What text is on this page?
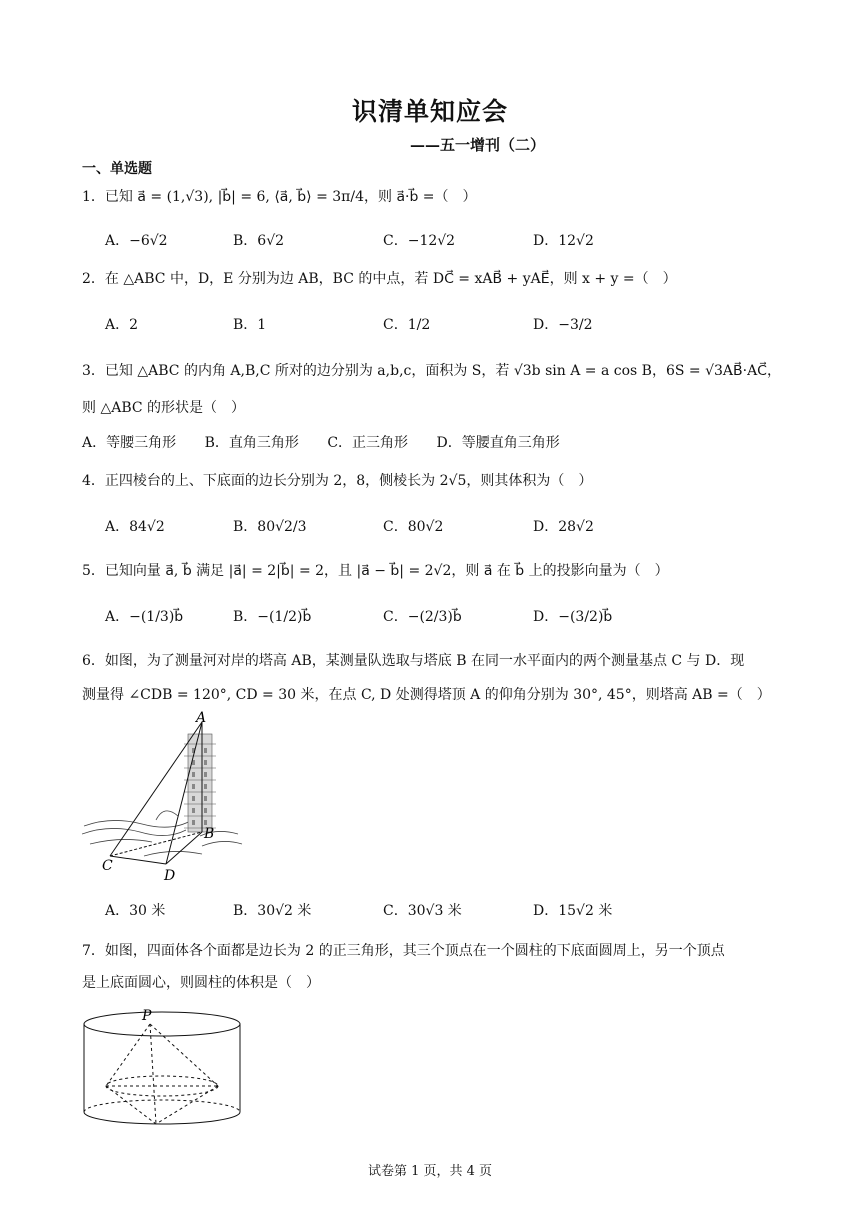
识清单知应会
——五一增刊（二）
一、单选题
1．已知 a⃗ = (1,√3), |b⃗| = 6, ⟨a⃗, b⃗⟩ = 3π/4，则 a⃗·b⃗ =（　）
A．−6√2	B．6√2	C．−12√2	D．12√2
2．在 △ABC 中，D，E 分别为边 AB，BC 的中点，若 DC⃗ = xAB⃗ + yAE⃗，则 x + y =（　）
A．2	B．1	C．1/2	D．−3/2
3．已知 △ABC 的内角 A,B,C 所对的边分别为 a,b,c，面积为 S，若 √3b sin A = a cos B，6S = √3AB⃗·AC⃗，
则 △ABC 的形状是（　）
A．等腰三角形 B．直角三角形 C．正三角形 D．等腰直角三角形
4．正四棱台的上、下底面的边长分别为 2，8，侧棱长为 2√5，则其体积为（　）
A．84√2	B．80√2/3	C．80√2	D．28√2
5．已知向量 a⃗, b⃗ 满足 |a⃗| = 2|b⃗| = 2，且 |a⃗ − b⃗| = 2√2，则 a⃗ 在 b⃗ 上的投影向量为（　）
A．−(1/3)b⃗	B．−(1/2)b⃗	C．−(2/3)b⃗	D．−(3/2)b⃗
6．如图，为了测量河对岸的塔高 AB，某测量队选取与塔底 B 在同一水平面内的两个测量基点 C 与 D．现
测量得 ∠CDB = 120°, CD = 30 米，在点 C, D 处测得塔顶 A 的仰角分别为 30°, 45°，则塔高 AB =（　）
A
B
C
D
A．30 米	B．30√2 米	C．30√3 米	D．15√2 米
7．如图，四面体各个面都是边长为 2 的正三角形，其三个顶点在一个圆柱的下底面圆周上，另一个顶点
是上底面圆心，则圆柱的体积是（　）
P
试卷第 1 页，共 4 页
